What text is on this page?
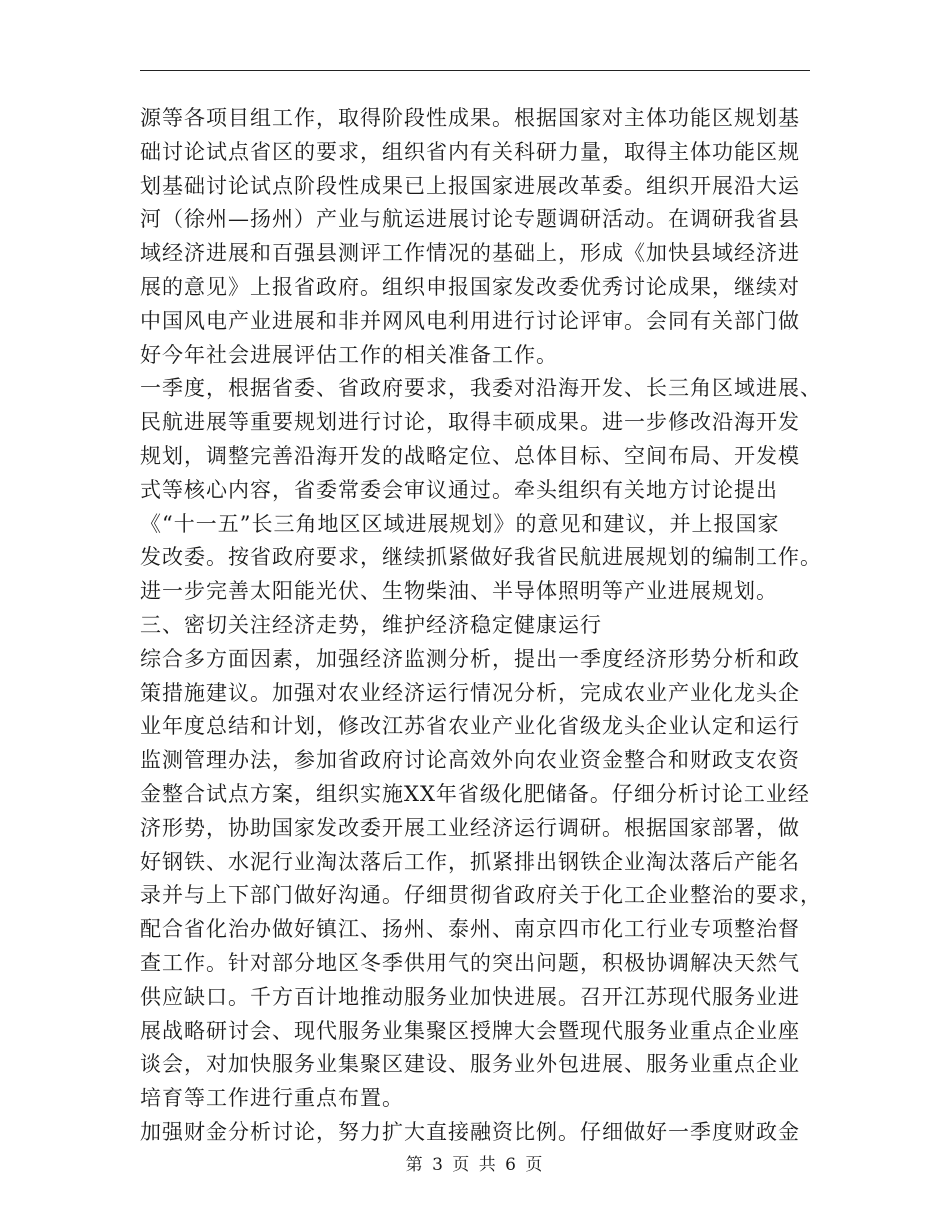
源等各项目组工作，取得阶段性成果。根据国家对主体功能区规划基
础讨论试点省区的要求，组织省内有关科研力量，取得主体功能区规
划基础讨论试点阶段性成果已上报国家进展改革委。组织开展沿大运
河（徐州—扬州）产业与航运进展讨论专题调研活动。在调研我省县
域经济进展和百强县测评工作情况的基础上，形成《加快县域经济进
展的意见》上报省政府。组织申报国家发改委优秀讨论成果，继续对
中国风电产业进展和非并网风电利用进行讨论评审。会同有关部门做
好今年社会进展评估工作的相关准备工作。
一季度，根据省委、省政府要求，我委对沿海开发、长三角区域进展、
民航进展等重要规划进行讨论，取得丰硕成果。进一步修改沿海开发
规划，调整完善沿海开发的战略定位、总体目标、空间布局、开发模
式等核心内容，省委常委会审议通过。牵头组织有关地方讨论提出
《“十一五”长三角地区区域进展规划》的意见和建议，并上报国家
发改委。按省政府要求，继续抓紧做好我省民航进展规划的编制工作。
进一步完善太阳能光伏、生物柴油、半导体照明等产业进展规划。
三、密切关注经济走势，维护经济稳定健康运行
综合多方面因素，加强经济监测分析，提出一季度经济形势分析和政
策措施建议。加强对农业经济运行情况分析，完成农业产业化龙头企
业年度总结和计划，修改江苏省农业产业化省级龙头企业认定和运行
监测管理办法，参加省政府讨论高效外向农业资金整合和财政支农资
金整合试点方案，组织实施XX年省级化肥储备。仔细分析讨论工业经
济形势，协助国家发改委开展工业经济运行调研。根据国家部署，做
好钢铁、水泥行业淘汰落后工作，抓紧排出钢铁企业淘汰落后产能名
录并与上下部门做好沟通。仔细贯彻省政府关于化工企业整治的要求，
配合省化治办做好镇江、扬州、泰州、南京四市化工行业专项整治督
查工作。针对部分地区冬季供用气的突出问题，积极协调解决天然气
供应缺口。千方百计地推动服务业加快进展。召开江苏现代服务业进
展战略研讨会、现代服务业集聚区授牌大会暨现代服务业重点企业座
谈会，对加快服务业集聚区建设、服务业外包进展、服务业重点企业
培育等工作进行重点布置。
加强财金分析讨论，努力扩大直接融资比例。仔细做好一季度财政金
第 3 页 共 6 页
